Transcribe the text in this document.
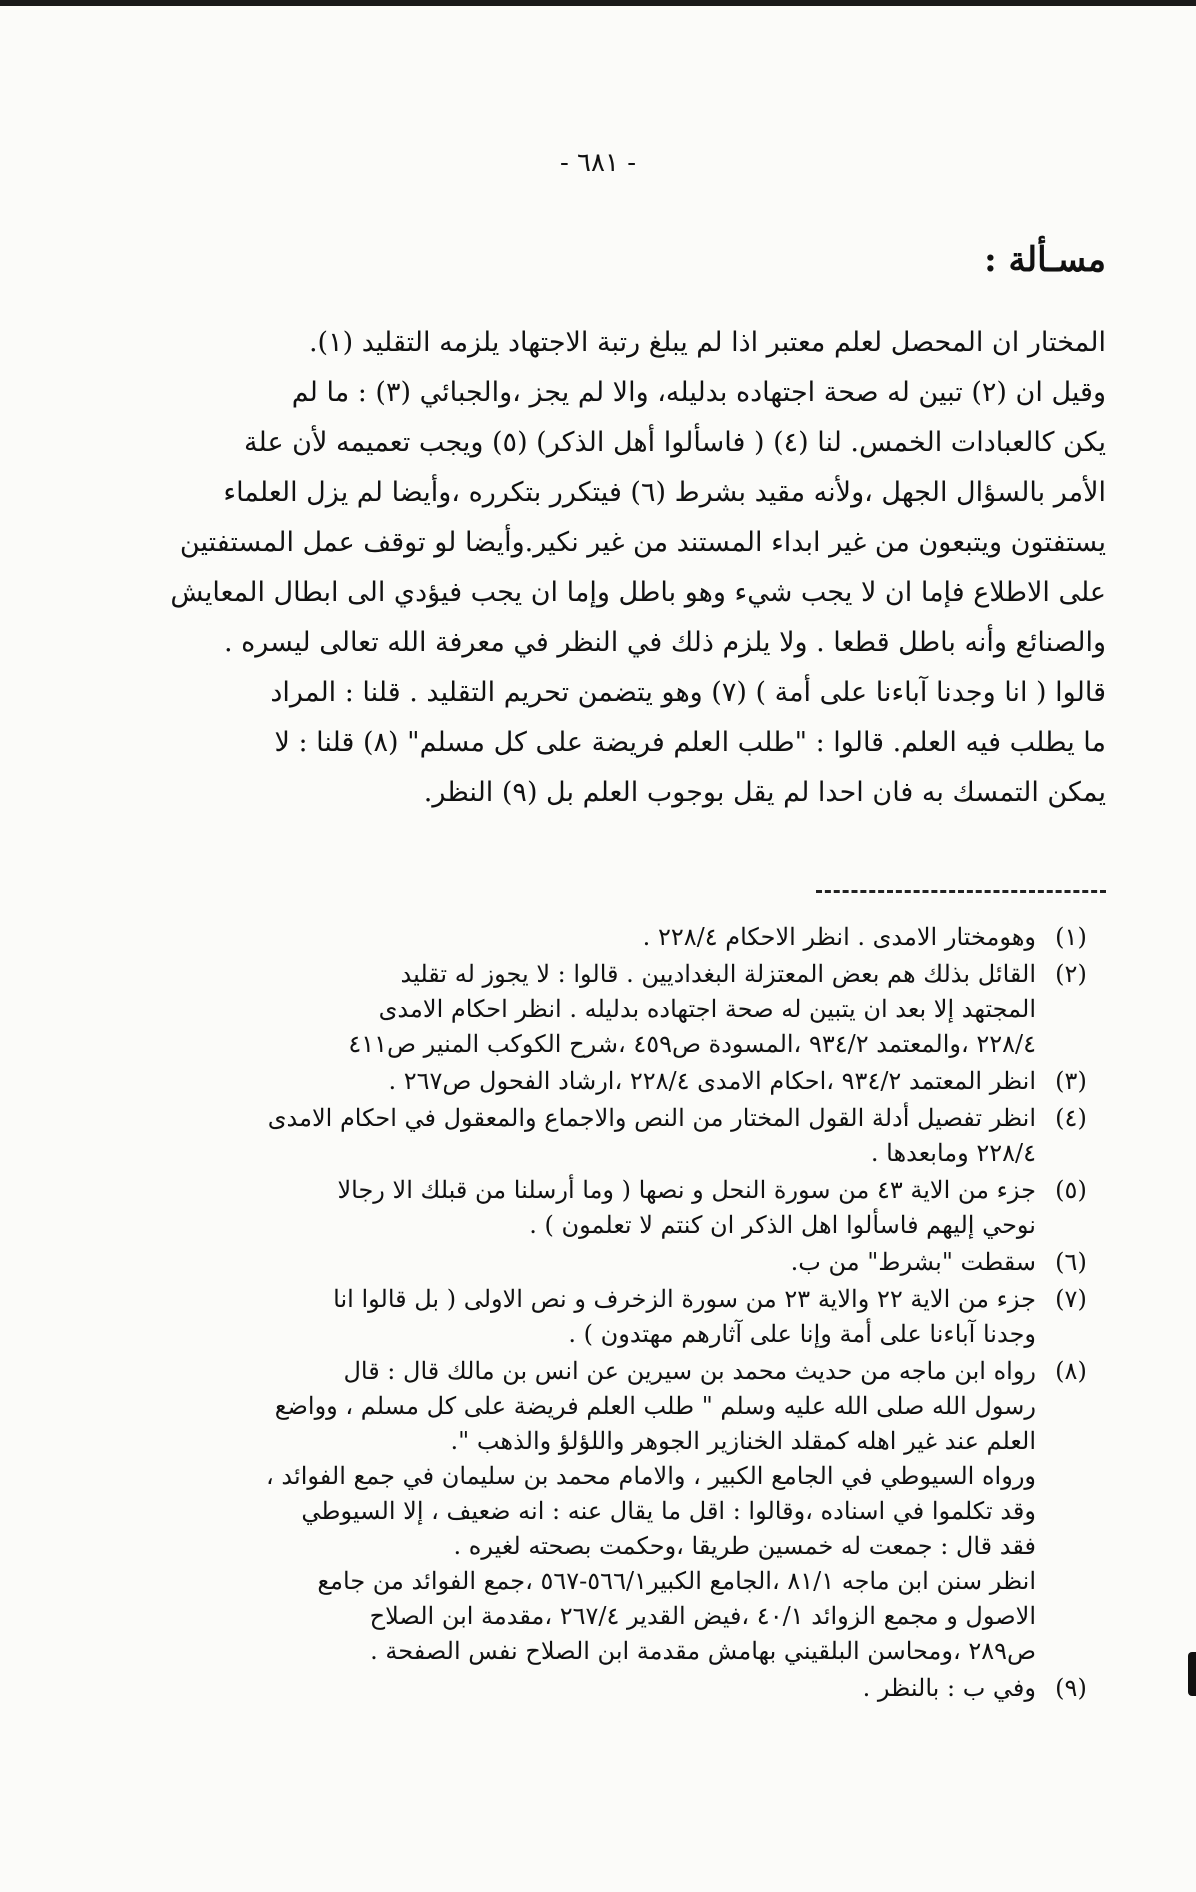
- ٦٨١ -
مسـألة :
المختار ان المحصل لعلم معتبر اذا لم يبلغ رتبة الاجتهاد يلزمه التقليد (١).
وقيل ان (٢) تبين له صحة اجتهاده بدليله، والا لم يجز ،والجبائي (٣) : ما لم
يكن كالعبادات الخمس. لنا (٤) ( فاسألوا أهل الذكر) (٥) ويجب تعميمه لأن علة
الأمر بالسؤال الجهل ،ولأنه مقيد بشرط (٦) فيتكرر بتكرره ،وأيضا لم يزل العلماء
يستفتون ويتبعون من غير ابداء المستند من غير نكير.وأيضا لو توقف عمل المستفتين
على الاطلاع فإما ان لا يجب شيء وهو باطل وإما ان يجب فيؤدي الى ابطال المعايش
والصنائع وأنه باطل قطعا . ولا يلزم ذلك في النظر في معرفة الله تعالى ليسره .
قالوا ( انا وجدنا آباءنا على أمة ) (٧) وهو يتضمن تحريم التقليد . قلنا : المراد
ما يطلب فيه العلم. قالوا : "طلب العلم فريضة على كل مسلم" (٨) قلنا : لا
يمكن التمسك به فان احدا لم يقل بوجوب العلم بل (٩) النظر.
(١)
وهومختار الامدى . انظر الاحكام ٢٢٨/٤ .
(٢)
القائل بذلك هم بعض المعتزلة البغداديين . قالوا : لا يجوز له تقليد
المجتهد إلا بعد ان يتبين له صحة اجتهاده بدليله . انظر احكام الامدى
٢٢٨/٤ ،والمعتمد ٩٣٤/٢ ،المسودة ص٤٥٩ ،شرح الكوكب المنير ص٤١١
(٣)
انظر المعتمد ٩٣٤/٢ ،احكام الامدى ٢٢٨/٤ ،ارشاد الفحول ص٢٦٧ .
(٤)
انظر تفصيل أدلة القول المختار من النص والاجماع والمعقول في احكام الامدى
٢٢٨/٤ ومابعدها .
(٥)
جزء من الاية ٤٣ من سورة النحل و نصها ( وما أرسلنا من قبلك الا رجالا
نوحي إليهم فاسألوا اهل الذكر ان كنتم لا تعلمون ) .
(٦)
سقطت "بشرط" من ب.
(٧)
جزء من الاية ٢٢ والاية ٢٣ من سورة الزخرف و نص الاولى ( بل قالوا انا
وجدنا آباءنا على أمة وإنا على آثارهم مهتدون ) .
(٨)
رواه ابن ماجه من حديث محمد بن سيرين عن انس بن مالك قال : قال
رسول الله صلى الله عليه وسلم " طلب العلم فريضة على كل مسلم ، وواضع
العلم عند غير اهله كمقلد الخنازير الجوهر واللؤلؤ والذهب ".
ورواه السيوطي في الجامع الكبير ، والامام محمد بن سليمان في جمع الفوائد ،
وقد تكلموا في اسناده ،وقالوا : اقل ما يقال عنه : انه ضعيف ، إلا السيوطي
فقد قال : جمعت له خمسين طريقا ،وحكمت بصحته لغيره .
انظر سنن ابن ماجه ٨١/١ ،الجامع الكبير٥٦٦/١-٥٦٧ ،جمع الفوائد من جامع
الاصول و مجمع الزوائد ٤٠/١ ،فيض القدير ٢٦٧/٤ ،مقدمة ابن الصلاح
ص٢٨٩ ،ومحاسن البلقيني بهامش مقدمة ابن الصلاح نفس الصفحة .
(٩)
وفي ب : بالنظر .
